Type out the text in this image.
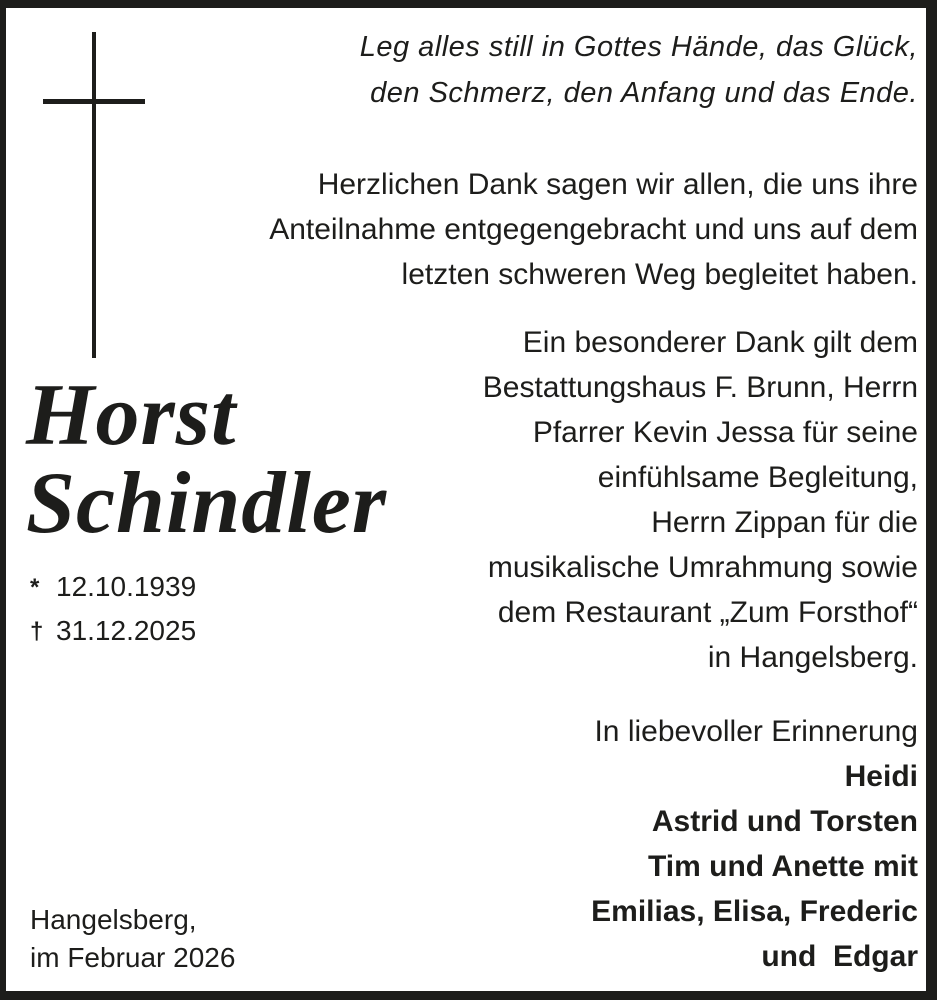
Leg alles still in Gottes Hände, das Glück,
den Schmerz, den Anfang und das Ende.
Herzlichen Dank sagen wir allen, die uns ihre
Anteilnahme entgegengebracht und uns auf dem
letzten schweren Weg begleitet haben.
Ein besonderer Dank gilt dem
Bestattungshaus F. Brunn, Herrn
Pfarrer Kevin Jessa für seine
einfühlsame Begleitung,
Herrn Zippan für die
musikalische Umrahmung sowie
dem Restaurant „Zum Forsthof“
in Hangelsberg.
Horst
Schindler
* 12.10.1939
† 31.12.2025
In liebevoller Erinnerung
Heidi
Astrid und Torsten
Tim und Anette mit
Emilias, Elisa, Frederic
und  Edgar
Hangelsberg,
im Februar 2026
